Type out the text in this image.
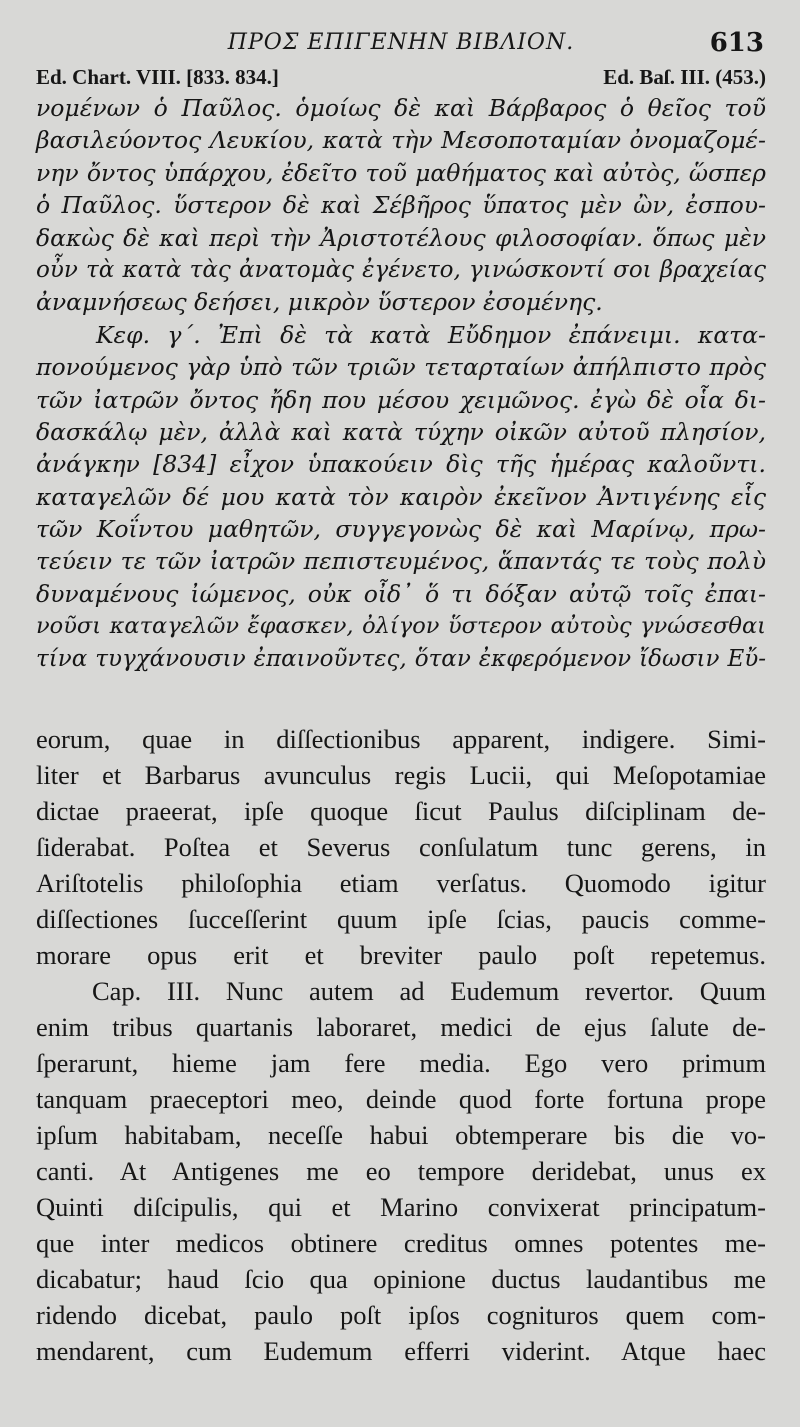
ΠΡΟΣ ΕΠΙΓΕΝΗΝ ΒΙΒΛΙΟΝ.	613
Ed. Chart. VIII. [833. 834.]	Ed. Baſ. III. (453.)
νομένων ὁ Παῦλος. ὁμοίως δὲ καὶ Βάρβαρος ὁ θεῖος τοῦ
βασιλεύοντος Λευκίου, κατὰ τὴν Μεσοποταμίαν ὀνομαζομέ-
νην ὄντος ὑπάρχου, ἐδεῖτο τοῦ μαθήματος καὶ αὐτὸς, ὥσπερ
ὁ Παῦλος. ὕστερον δὲ καὶ Σέβῆρος ὕπατος μὲν ὢν, ἐσπου-
δακὼς δὲ καὶ περὶ τὴν Ἀριστοτέλους φιλοσοφίαν. ὅπως μὲν
οὖν τὰ κατὰ τὰς ἀνατομὰς ἐγένετο, γινώσκοντί σοι βραχείας
ἀναμνήσεως δεήσει, μικρὸν ὕστερον ἐσομένης.
Κεφ. γ΄. Ἐπὶ δὲ τὰ κατὰ Εὔδημον ἐπάνειμι. κατα-
πονούμενος γὰρ ὑπὸ τῶν τριῶν τεταρταίων ἀπήλπιστο πρὸς
τῶν ἰατρῶν ὄντος ἤδη που μέσου χειμῶνος. ἐγὼ δὲ οἷα δι-
δασκάλῳ μὲν, ἀλλὰ καὶ κατὰ τύχην οἰκῶν αὐτοῦ πλησίον,
ἀνάγκην [834] εἶχον ὑπακούειν δὶς τῆς ἡμέρας καλοῦντι.
καταγελῶν δέ μου κατὰ τὸν καιρὸν ἐκεῖνον Ἀντιγένης εἷς
τῶν Κοΐντου μαθητῶν, συγγεγονὼς δὲ καὶ Μαρίνῳ, πρω-
τεύειν τε τῶν ἰατρῶν πεπιστευμένος, ἅπαντάς τε τοὺς πολὺ
δυναμένους ἰώμενος, οὐκ οἶδ᾽ ὅ τι δόξαν αὐτῷ τοῖς ἐπαι-
νοῦσι καταγελῶν ἔφασκεν, ὀλίγον ὕστερον αὐτοὺς γνώσεσθαι
τίνα τυγχάνουσιν ἐπαινοῦντες, ὅταν ἐκφερόμενον ἴδωσιν Εὔ-
eorum, quae in diſſectionibus apparent, indigere. Simi-
liter et Barbarus avunculus regis Lucii, qui Meſopotamiae
dictae praeerat, ipſe quoque ſicut Paulus diſciplinam de-
ſiderabat. Poſtea et Severus conſulatum tunc gerens, in
Ariſtotelis philoſophia etiam verſatus. Quomodo igitur
diſſectiones ſucceſſerint quum ipſe ſcias, paucis comme-
morare opus erit et breviter paulo poſt repetemus.
Cap. III. Nunc autem ad Eudemum revertor. Quum
enim tribus quartanis laboraret, medici de ejus ſalute de-
ſperarunt, hieme jam fere media. Ego vero primum
tanquam praeceptori meo, deinde quod forte fortuna prope
ipſum habitabam, neceſſe habui obtemperare bis die vo-
canti. At Antigenes me eo tempore deridebat, unus ex
Quinti diſcipulis, qui et Marino convixerat principatum-
que inter medicos obtinere creditus omnes potentes me-
dicabatur; haud ſcio qua opinione ductus laudantibus me
ridendo dicebat, paulo poſt ipſos cognituros quem com-
mendarent, cum Eudemum efferri viderint. Atque haec
